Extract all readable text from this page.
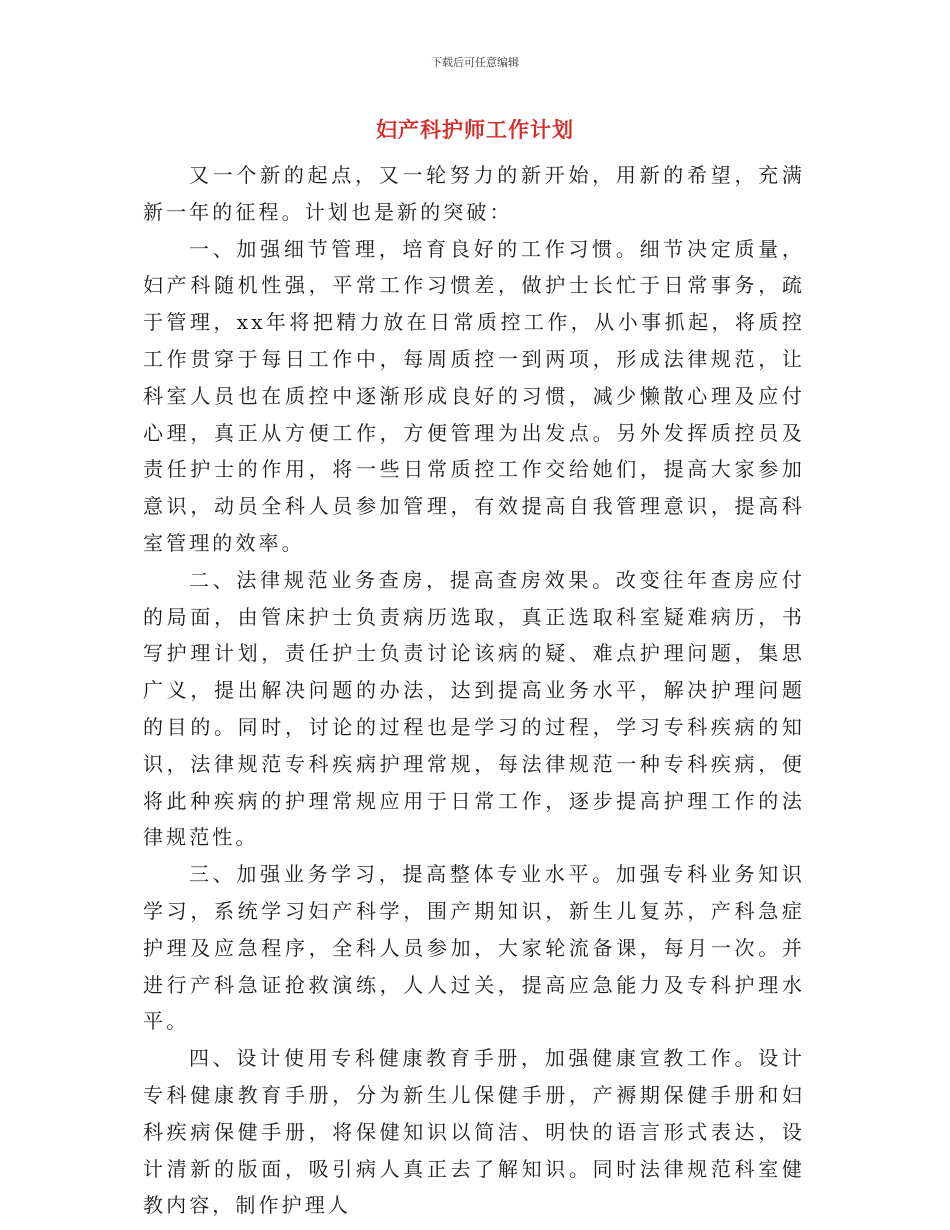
下载后可任意编辑
妇产科护师工作计划

又一个新的起点，又一轮努力的新开始，用新的希望，充满新一年的征程。计划也是新的突破：

一、加强细节管理，培育良好的工作习惯。细节决定质量，妇产科随机性强，平常工作习惯差，做护士长忙于日常事务，疏于管理，xx年将把精力放在日常质控工作，从小事抓起，将质控工作贯穿于每日工作中，每周质控一到两项，形成法律规范，让科室人员也在质控中逐渐形成良好的习惯，减少懒散心理及应付心理，真正从方便工作，方便管理为出发点。另外发挥质控员及责任护士的作用，将一些日常质控工作交给她们，提高大家参加意识，动员全科人员参加管理，有效提高自我管理意识，提高科室管理的效率。

二、法律规范业务查房，提高查房效果。改变往年查房应付的局面，由管床护士负责病历选取，真正选取科室疑难病历，书写护理计划，责任护士负责讨论该病的疑、难点护理问题，集思广义，提出解决问题的办法，达到提高业务水平，解决护理问题的目的。同时，讨论的过程也是学习的过程，学习专科疾病的知识，法律规范专科疾病护理常规，每法律规范一种专科疾病，便将此种疾病的护理常规应用于日常工作，逐步提高护理工作的法律规范性。

三、加强业务学习，提高整体专业水平。加强专科业务知识学习，系统学习妇产科学，围产期知识，新生儿复苏，产科急症护理及应急程序，全科人员参加，大家轮流备课，每月一次。并进行产科急证抢救演练，人人过关，提高应急能力及专科护理水平。

四、设计使用专科健康教育手册，加强健康宣教工作。设计专科健康教育手册，分为新生儿保健手册，产褥期保健手册和妇科疾病保健手册，将保健知识以简洁、明快的语言形式表达，设计清新的版面，吸引病人真正去了解知识。同时法律规范科室健教内容，制作护理人
